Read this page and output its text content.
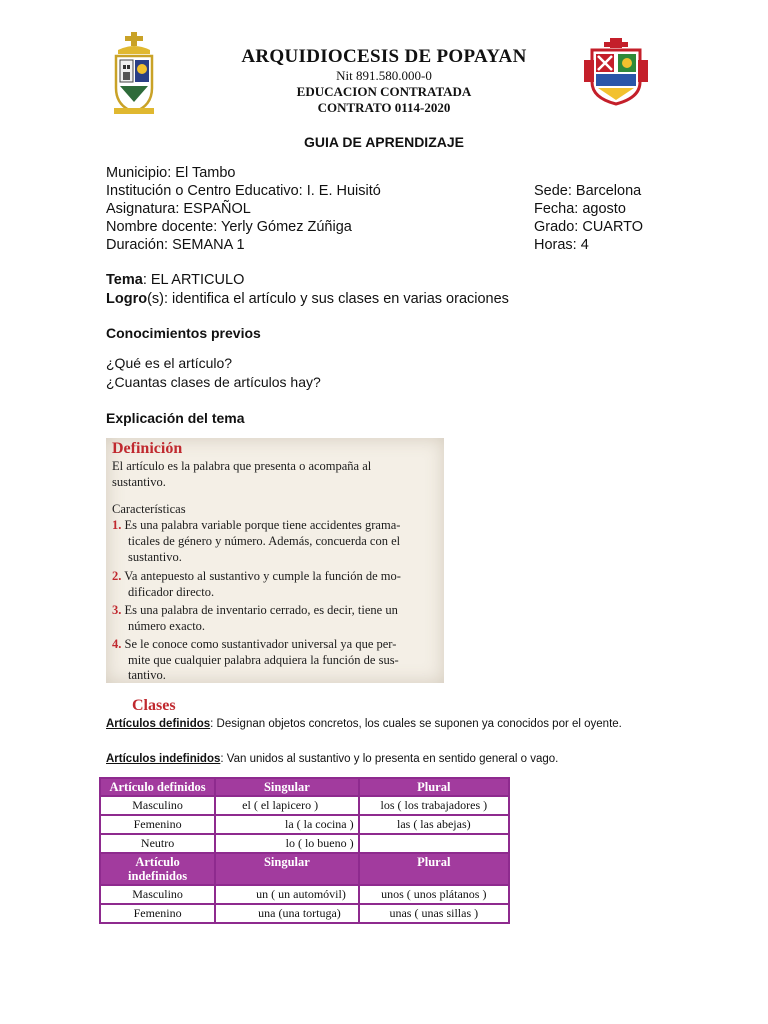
ARQUIDIOCESIS DE POPAYAN
Nit 891.580.000-0
EDUCACION CONTRATADA
CONTRATO 0114-2020
GUIA DE APRENDIZAJE
Municipio: El Tambo
Institución o Centro Educativo: I. E. Huisitó
Asignatura: ESPAÑOL
Nombre docente: Yerly Gómez Zúñiga
Duración: SEMANA 1
Sede: Barcelona
Fecha: agosto
Grado: CUARTO
Horas: 4
Tema: EL ARTICULO
Logro(s): identifica el artículo y sus clases en varias oraciones
Conocimientos previos
¿Qué es el artículo?
¿Cuantas clases de artículos hay?
Explicación del tema
Definición
El artículo es la palabra que presenta o acompaña al
sustantivo.
Características
1. Es una palabra variable porque tiene accidentes grama-
ticales de género y número. Además, concuerda con el
sustantivo.
2. Va antepuesto al sustantivo y cumple la función de mo-
dificador directo.
3. Es una palabra de inventario cerrado, es decir, tiene un
número exacto.
4. Se le conoce como sustantivador universal ya que per-
mite que cualquier palabra adquiera la función de sus-
tantivo.
Clases
Artículos definidos: Designan objetos concretos, los cuales se suponen ya conocidos por el oyente.
Artículos indefinidos: Van unidos al sustantivo y lo presenta en sentido general o vago.
Artículo definidos	Singular	Plural
Masculino	el ( el lapicero )	los ( los trabajadores )
Femenino	la ( la cocina )	las ( las abejas)
Neutro	lo ( lo bueno )	
Artículo indefinidos	Singular	Plural
Masculino	un ( un automóvil)	unos ( unos plátanos )
Femenino	una (una tortuga)	unas ( unas sillas )
